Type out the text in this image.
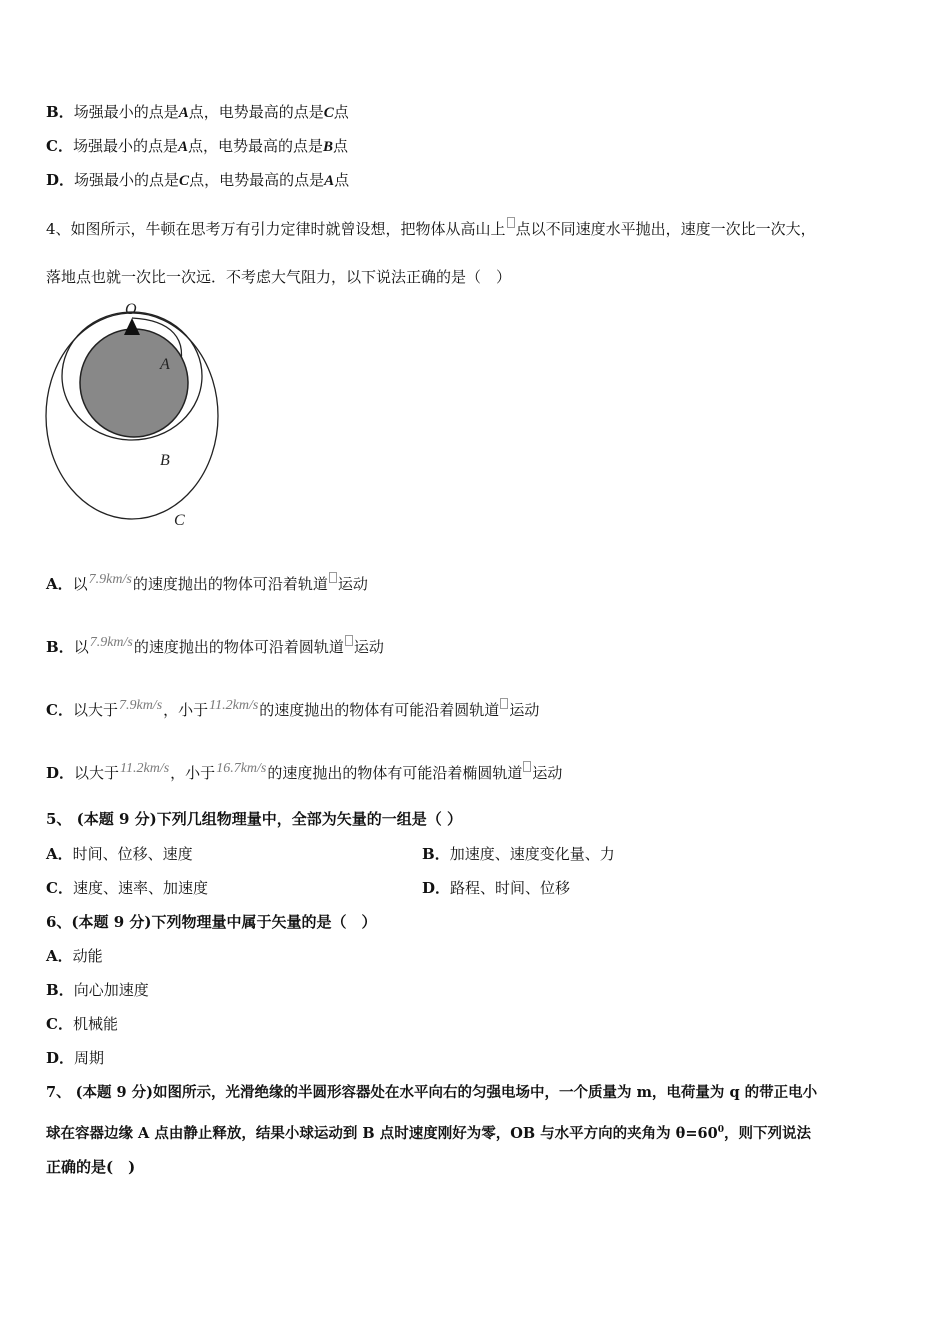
B．场强最小的点是A点，电势最高的点是C点
C．场强最小的点是A点，电势最高的点是B点
D．场强最小的点是C点，电势最高的点是A点
4、如图所示，牛顿在思考万有引力定律时就曾设想，把物体从高山上 点以不同速度水平抛出，速度一次比一次大，
落地点也就一次比一次远．不考虑大气阻力，以下说法正确的是（　）
O
A
B
C
A．以7.9km/s的速度抛出的物体可沿着轨道 运动
B．以7.9km/s的速度抛出的物体可沿着圆轨道 运动
C．以大于7.9km/s，小于11.2km/s的速度抛出的物体有可能沿着圆轨道 运动
D．以大于11.2km/s，小于16.7km/s的速度抛出的物体有可能沿着椭圆轨道 运动
5、 (本题 9 分)下列几组物理量中，全部为矢量的一组是（ ）
A．时间、位移、速度	B．加速度、速度变化量、力
C．速度、速率、加速度	D．路程、时间、位移
6、(本题 9 分)下列物理量中属于矢量的是（　）
A．动能
B．向心加速度
C．机械能
D．周期
7、 (本题 9 分)如图所示，光滑绝缘的半圆形容器处在水平向右的匀强电场中，一个质量为 m，电荷量为 q 的带正电小
球在容器边缘 A 点由静止释放，结果小球运动到 B 点时速度刚好为零，OB 与水平方向的夹角为 $\theta=60^0$，则下列说法
正确的是(　)
